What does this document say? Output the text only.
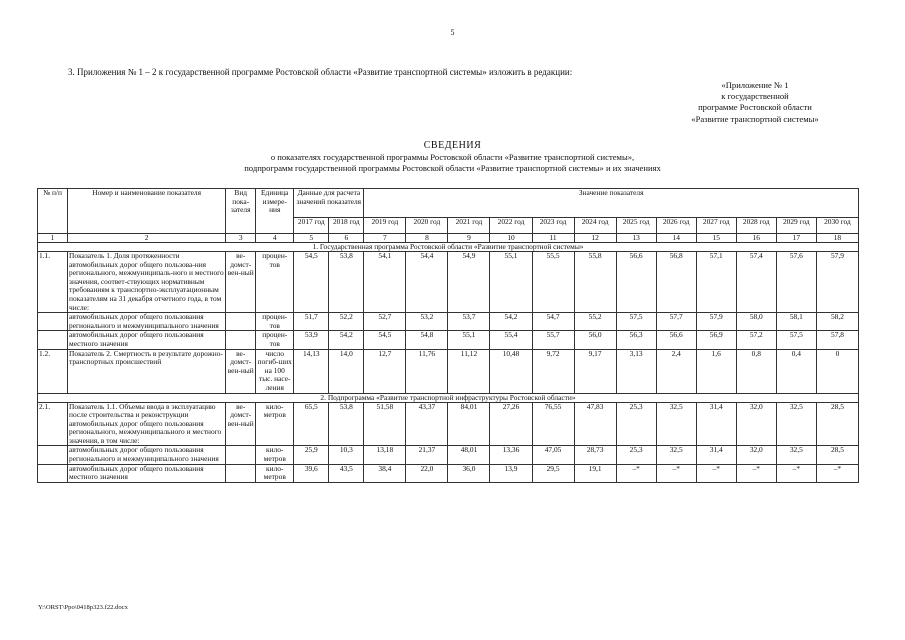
5
3. Приложения № 1 – 2 к государственной программе Ростовской области «Развитие транспортной системы» изложить в редакции:
«Приложение № 1
к государственной
программе Ростовской области
«Развитие транспортной системы»
СВЕДЕНИЯ
о показателях государственной программы Ростовской области «Развитие транспортной системы»,
подпрограмм государственной программы Ростовской области «Развитие транспортной системы» и их значениях
№ п/п	Номер и наименование показателя	Вид пока-зателя	Единица измере-ния	Данные для расчета значений показателя		Значение показателя											
				2017 год	2018 год	2019 год	2020 год	2021 год	2022 год	2023 год	2024 год	2025 год	2026 год	2027 год	2028 год	2029 год	2030 год
1	2	3	4	5	6	7	8	9	10	11	12	13	14	15	16	17	18
1. Государственная программа Ростовской области «Развитие транспортной системы»																	
1.1.	Показатель 1. Доля протяженности автомобильных дорог общего пользова-ния регионального, межмуниципаль-ного и местного значения, соответ-ствующих нормативным требованиям к транспортно-эксплуатационным показателям на 31 декабря отчетного года, в том числе:	ве-домст-вен-ный	процен-тов	54,5	53,8	54,1	54,4	54,9	55,1	55,5	55,8	56,6	56,8	57,1	57,4	57,6	57,9
	автомобильных дорог общего пользования регионального и межмуниципального значения		процен-тов	51,7	52,2	52,7	53,2	53,7	54,2	54,7	55,2	57,5	57,7	57,9	58,0	58,1	58,2
	автомобильных дорог общего пользования местного значения		процен-тов	53,9	54,2	54,5	54,8	55,1	55,4	55,7	56,0	56,3	56,6	56,9	57,2	57,5	57,8
1.2.	Показатель 2. Смертность в результате дорожно-транспортных происшествий	ве-домст-вен-ный	число погиб-ших на 100 тыс. насе-ления	14,13	14,0	12,7	11,76	11,12	10,48	9,72	9,17	3,13	2,4	1,6	0,8	0,4	0
2. Подпрограмма «Развитие транспортной инфраструктуры Ростовской области»																	
2.1.	Показатель 1.1. Объемы ввода в эксплуатацию после строительства и реконструкции автомобильных дорог общего пользования регионального, межмуниципального и местного значения, в том числе:	ве-домст-вен-ный	кило-метров	65,5	53,8	51,58	43,37	84,01	27,26	76,55	47,83	25,3	32,5	31,4	32,0	32,5	28,5
	автомобильных дорог общего пользования регионального и межмуниципального значения		кило-метров	25,9	10,3	13,18	21,37	48,01	13,36	47,05	28,73	25,3	32,5	31,4	32,0	32,5	28,5
	автомобильных дорог общего пользования местного значения		кило-метров	39,6	43,5	38,4	22,0	36,0	13,9	29,5	19,1	–*	–*	–*	–*	–*	–*
Y:\ORST\Ppo\0418p323.f22.docx
